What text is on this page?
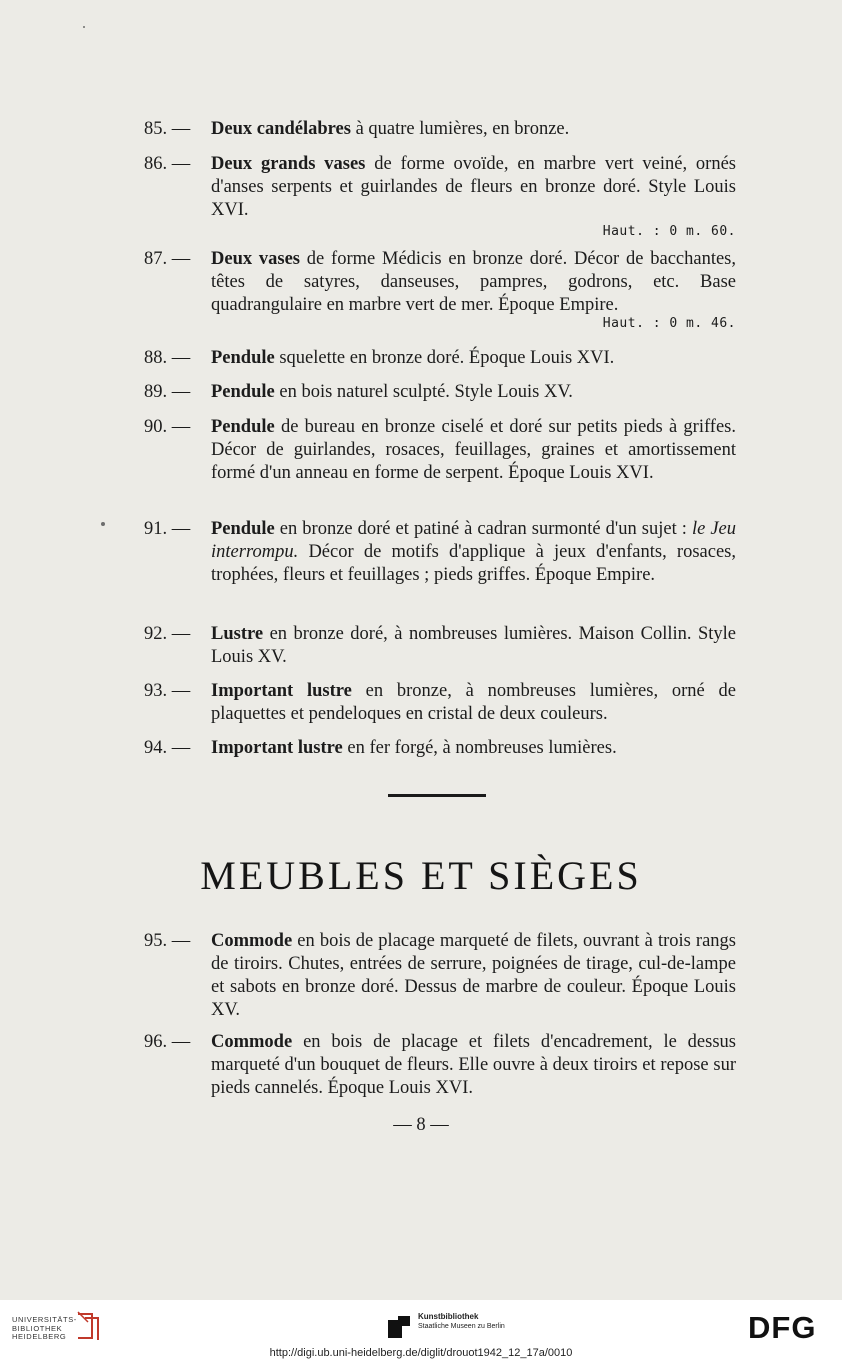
85. —	Deux candélabres à quatre lumières, en bronze.
86. —	Deux grands vases de forme ovoïde, en marbre vert veiné, ornés d'anses serpents et guirlandes de fleurs en bronze doré. Style Louis XVI.
Haut. : 0 m. 60.
87. —	Deux vases de forme Médicis en bronze doré. Décor de bacchantes, têtes de satyres, danseuses, pampres, godrons, etc. Base quadrangulaire en marbre vert de mer. Époque Empire.
Haut. : 0 m. 46.
88. —	Pendule squelette en bronze doré. Époque Louis XVI.
89. —	Pendule en bois naturel sculpté. Style Louis XV.
90. —	Pendule de bureau en bronze ciselé et doré sur petits pieds à griffes. Décor de guirlandes, rosaces, feuillages, graines et amortissement formé d'un anneau en forme de serpent. Époque Louis XVI.
91. —	Pendule en bronze doré et patiné à cadran surmonté d'un sujet : le Jeu interrompu. Décor de motifs d'applique à jeux d'enfants, rosaces, trophées, fleurs et feuillages ; pieds griffes. Époque Empire.
92. —	Lustre en bronze doré, à nombreuses lumières. Maison Collin. Style Louis XV.
93. —	Important lustre en bronze, à nombreuses lumières, orné de plaquettes et pendeloques en cristal de deux couleurs.
94. —	Important lustre en fer forgé, à nombreuses lumières.
MEUBLES ET SIÈGES
95. —	Commode en bois de placage marqueté de filets, ouvrant à trois rangs de tiroirs. Chutes, entrées de serrure, poignées de tirage, cul-de-lampe et sabots en bronze doré. Dessus de marbre de couleur. Époque Louis XV.
96. —	Commode en bois de placage et filets d'encadrement, le dessus marqueté d'un bouquet de fleurs. Elle ouvre à deux tiroirs et repose sur pieds cannelés. Époque Louis XVI.
— 8 —
UNIVERSITÄTS-
BIBLIOTHEK
HEIDELBERG
Kunstbibliothek
Staatliche Museen zu Berlin	DFG
http://digi.ub.uni-heidelberg.de/diglit/drouot1942_12_17a/0010
